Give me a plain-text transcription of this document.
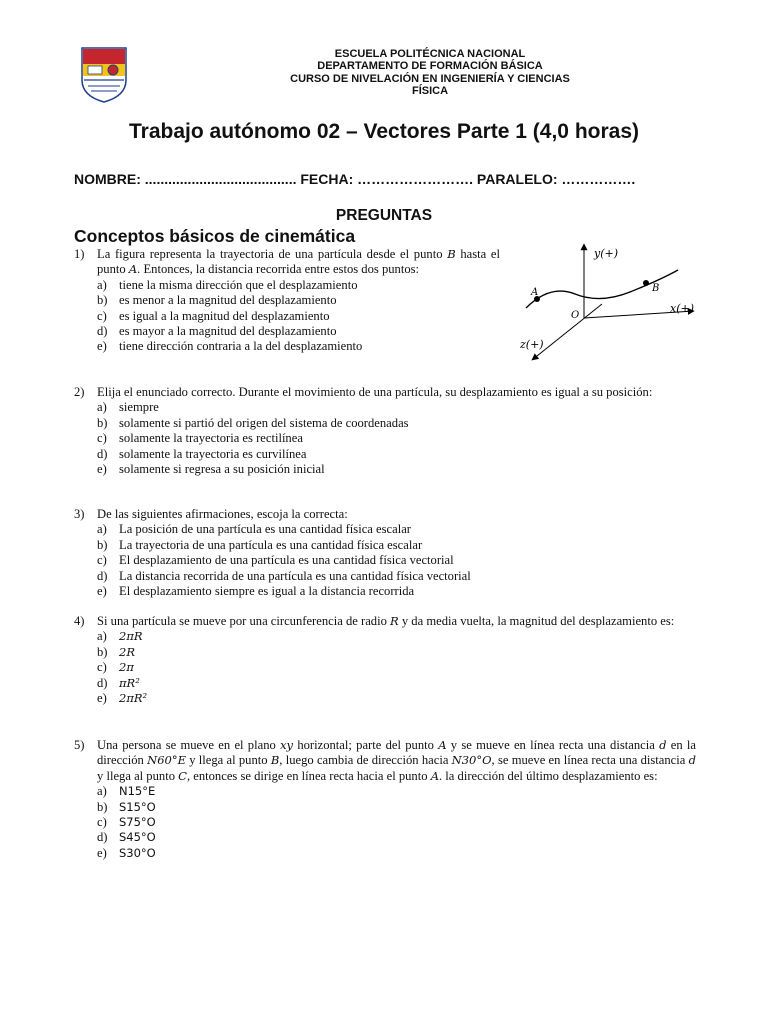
ESCUELA POLITÉCNICA NACIONAL
DEPARTAMENTO DE FORMACIÓN BÁSICA
CURSO DE NIVELACIÓN EN INGENIERÍA Y CIENCIAS
FÍSICA
Trabajo autónomo 02 – Vectores Parte 1 (4,0 horas)
NOMBRE: ....................................... FECHA: ……………………. PARALELO: …………….
PREGUNTAS
Conceptos básicos de cinemática
1) La figura representa la trayectoria de una partícula desde el punto B hasta el punto A. Entonces, la distancia recorrida entre estos dos puntos:
a) tiene la misma dirección que el desplazamiento
b) es menor a la magnitud del desplazamiento
c) es igual a la magnitud del desplazamiento
d) es mayor a la magnitud del desplazamiento
e) tiene dirección contraria a la del desplazamiento
y(+)
x(+)
z(+)
O
A	B
2) Elija el enunciado correcto. Durante el movimiento de una partícula, su desplazamiento es igual a su posición:
a) siempre
b) solamente si partió del origen del sistema de coordenadas
c) solamente la trayectoria es rectilínea
d) solamente la trayectoria es curvilínea
e) solamente si regresa a su posición inicial
3) De las siguientes afirmaciones, escoja la correcta:
a) La posición de una partícula es una cantidad física escalar
b) La trayectoria de una partícula es una cantidad física escalar
c) El desplazamiento de una partícula es una cantidad física vectorial
d) La distancia recorrida de una partícula es una cantidad física vectorial
e) El desplazamiento siempre es igual a la distancia recorrida
4) Si una partícula se mueve por una circunferencia de radio R y da media vuelta, la magnitud del desplazamiento es:
a)	2πR
b)	2R
c)	2π
d)	πR²
e)	2πR²
5) Una persona se mueve en el plano xy horizontal; parte del punto A y se mueve en línea recta una distancia d en la dirección N60°E y llega al punto B, luego cambia de dirección hacia N30°O, se mueve en línea recta una distancia d y llega al punto C, entonces se dirige en línea recta hacia el punto A. la dirección del último desplazamiento es:
a)	N15°E
b)	S15°O
c)	S75°O
d)	S45°O
e)	S30°O
